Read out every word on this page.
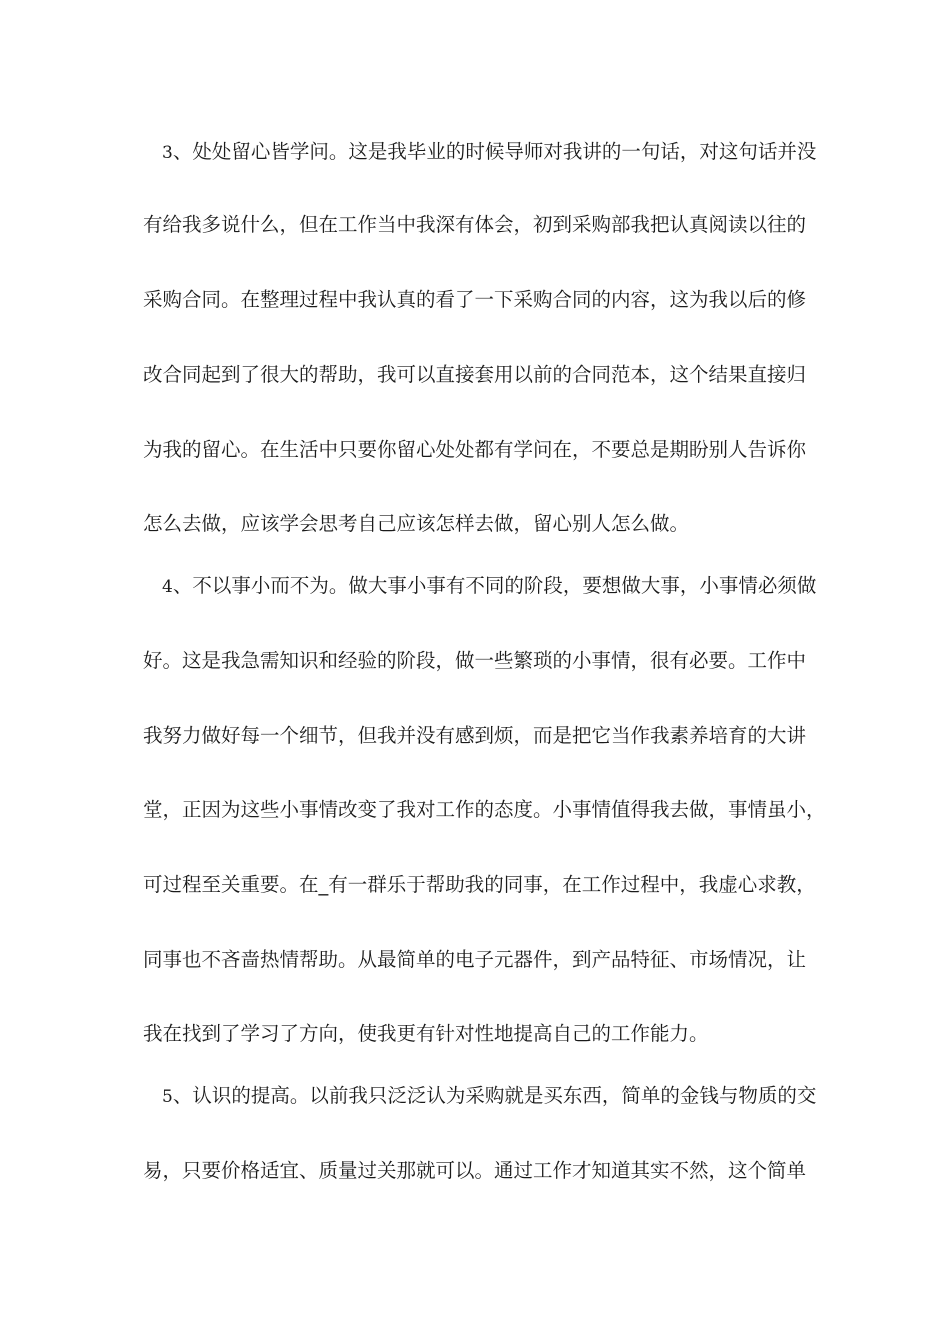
3、处处留心皆学问。这是我毕业的时候导师对我讲的一句话，对这句话并没
有给我多说什么，但在工作当中我深有体会，初到采购部我把认真阅读以往的
采购合同。在整理过程中我认真的看了一下采购合同的内容，这为我以后的修
改合同起到了很大的帮助，我可以直接套用以前的合同范本，这个结果直接归
为我的留心。在生活中只要你留心处处都有学问在，不要总是期盼别人告诉你
怎么去做，应该学会思考自己应该怎样去做，留心别人怎么做。
4、不以事小而不为。做大事小事有不同的阶段，要想做大事，小事情必须做
好。这是我急需知识和经验的阶段，做一些繁琐的小事情，很有必要。工作中
我努力做好每一个细节，但我并没有感到烦，而是把它当作我素养培育的大讲
堂，正因为这些小事情改变了我对工作的态度。小事情值得我去做，事情虽小，
可过程至关重要。在_有一群乐于帮助我的同事，在工作过程中，我虚心求教，
同事也不吝啬热情帮助。从最简单的电子元器件，到产品特征、市场情况，让
我在找到了学习了方向，使我更有针对性地提高自己的工作能力。
5、认识的提高。以前我只泛泛认为采购就是买东西，简单的金钱与物质的交
易，只要价格适宜、质量过关那就可以。通过工作才知道其实不然，这个简单
